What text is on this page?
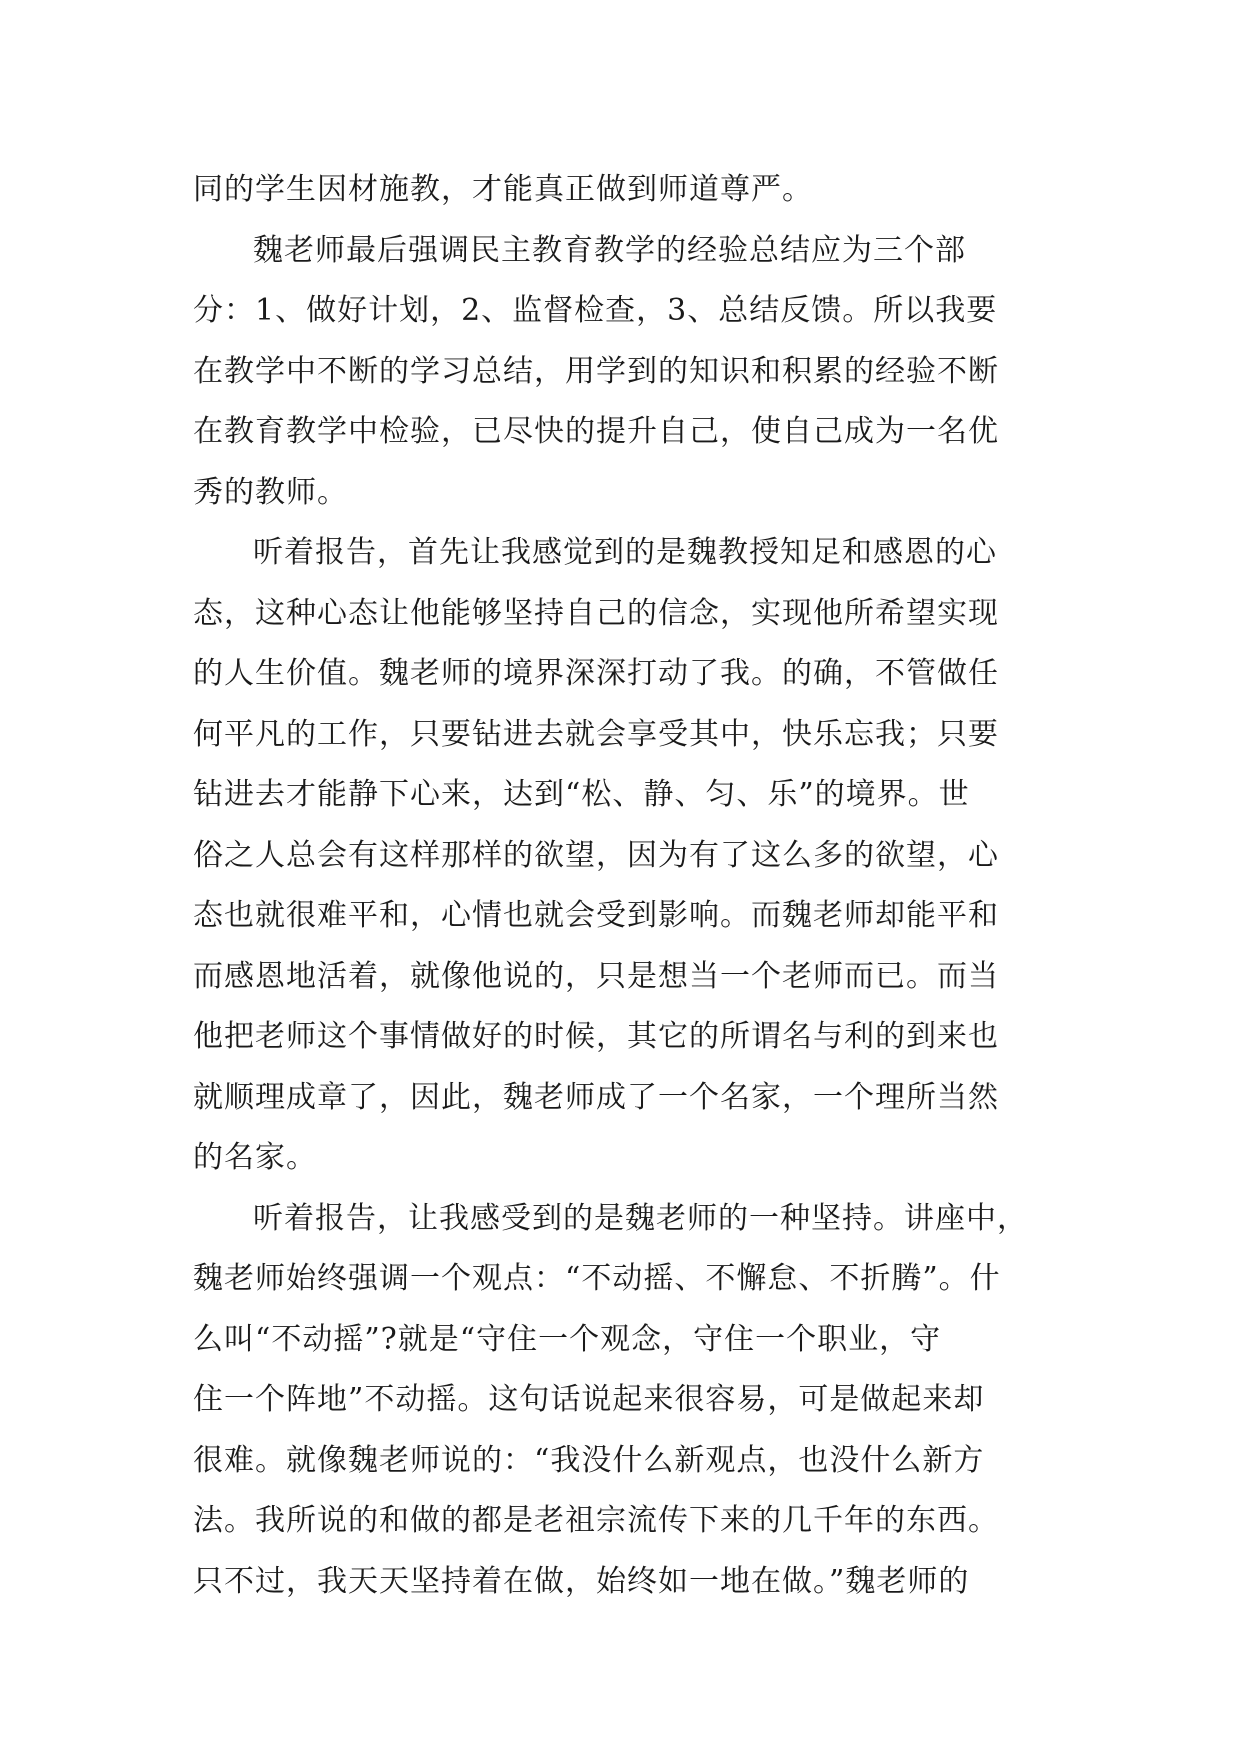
同的学生因材施教，才能真正做到师道尊严。
魏老师最后强调民主教育教学的经验总结应为三个部
分：1、做好计划，2、监督检查，3、总结反馈。所以我要
在教学中不断的学习总结，用学到的知识和积累的经验不断
在教育教学中检验，已尽快的提升自己，使自己成为一名优
秀的教师。
听着报告，首先让我感觉到的是魏教授知足和感恩的心
态，这种心态让他能够坚持自己的信念，实现他所希望实现
的人生价值。魏老师的境界深深打动了我。的确，不管做任
何平凡的工作，只要钻进去就会享受其中，快乐忘我；只要
钻进去才能静下心来，达到“松、静、匀、乐”的境界。世
俗之人总会有这样那样的欲望，因为有了这么多的欲望，心
态也就很难平和，心情也就会受到影响。而魏老师却能平和
而感恩地活着，就像他说的，只是想当一个老师而已。而当
他把老师这个事情做好的时候，其它的所谓名与利的到来也
就顺理成章了，因此，魏老师成了一个名家，一个理所当然
的名家。
听着报告，让我感受到的是魏老师的一种坚持。讲座中，
魏老师始终强调一个观点：“不动摇、不懈怠、不折腾”。什
么叫“不动摇”?就是“守住一个观念，守住一个职业，守
住一个阵地”不动摇。这句话说起来很容易，可是做起来却
很难。就像魏老师说的：“我没什么新观点，也没什么新方
法。我所说的和做的都是老祖宗流传下来的几千年的东西。
只不过，我天天坚持着在做，始终如一地在做。”魏老师的
